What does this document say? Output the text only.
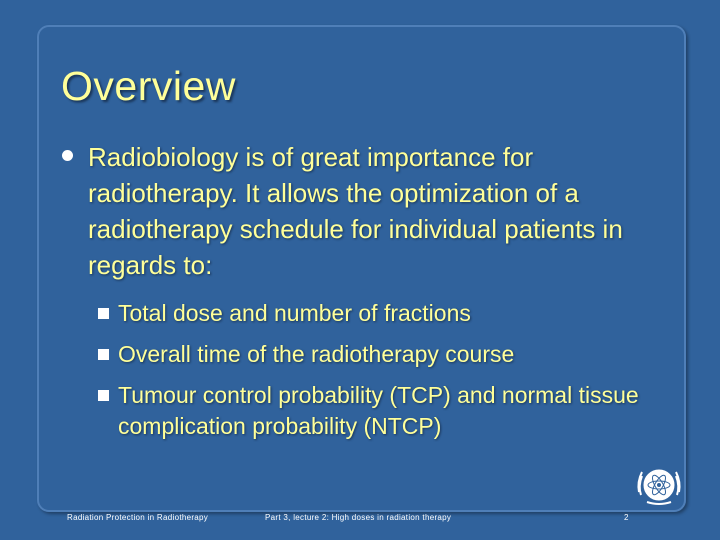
Overview
Radiobiology is of great importance for radiotherapy. It allows the optimization of a radiotherapy schedule for individual patients in regards to:
Total dose and number of fractions
Overall time of the radiotherapy course
Tumour control probability (TCP) and normal tissue complication probability (NTCP)
Radiation Protection in Radiotherapy	Part 3, lecture 2: High doses in radiation therapy	2
